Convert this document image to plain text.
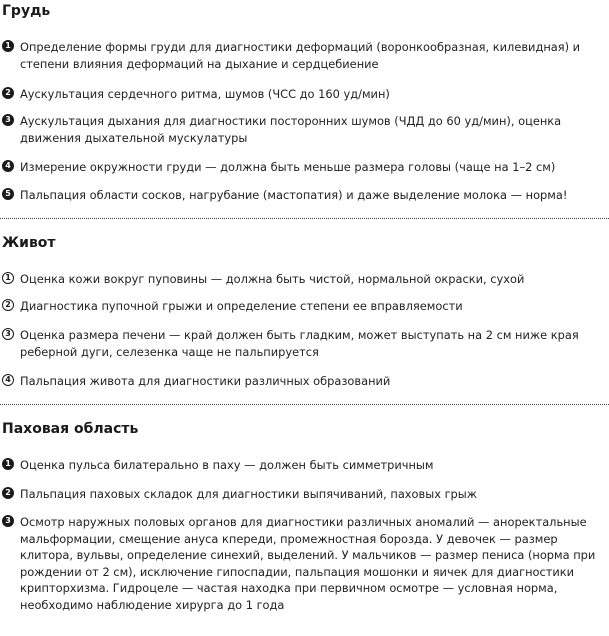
Грудь
1 Определение формы груди для диагностики деформаций (воронкообразная, килевидная) и степени влияния деформаций на дыхание и сердцебиение
2 Аускультация сердечного ритма, шумов (ЧСС до 160 уд/мин)
3 Аускультация дыхания для диагностики посторонних шумов (ЧДД до 60 уд/мин), оценка движения дыхательной мускулатуры
4 Измерение окружности груди — должна быть меньше размера головы (чаще на 1–2 см)
5 Пальпация области сосков, нагрубание (мастопатия) и даже выделение молока — норма!
Живот
1 Оценка кожи вокруг пуповины — должна быть чистой, нормальной окраски, сухой
2 Диагностика пупочной грыжи и определение степени ее вправляемости
3 Оценка размера печени — край должен быть гладким, может выступать на 2 см ниже края реберной дуги, селезенка чаще не пальпируется
4 Пальпация живота для диагностики различных образований
Паховая область
1 Оценка пульса билатерально в паху — должен быть симметричным
2 Пальпация паховых складок для диагностики выпячиваний, паховых грыж
3 Осмотр наружных половых органов для диагностики различных аномалий — аноректальные мальформации, смещение ануса кпереди, промежностная борозда. У девочек — размер клитора, вульвы, определение синехий, выделений. У мальчиков — размер пениса (норма при рождении от 2 см), исключение гипоспадии, пальпация мошонки и яичек для диагностики крипторхизма. Гидроцеле — частая находка при первичном осмотре — условная норма, необходимо наблюдение хирурга до 1 года
